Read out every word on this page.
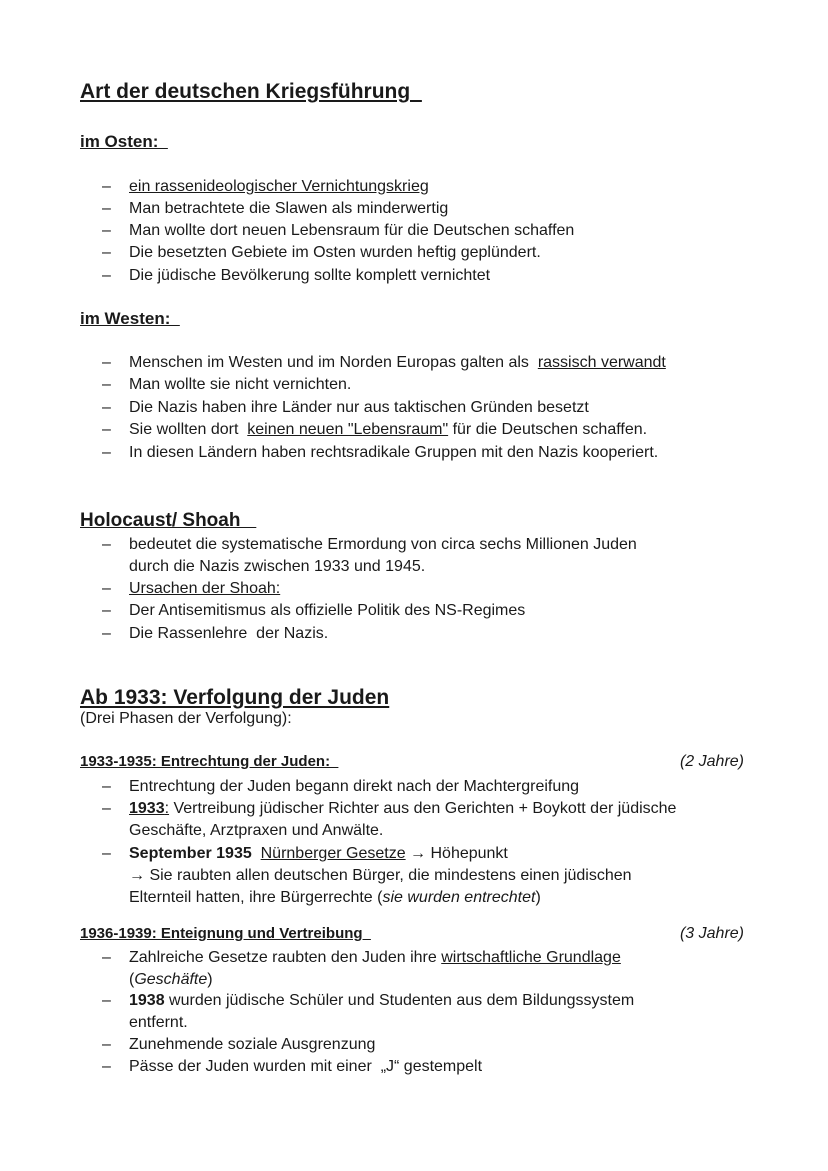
Art der deutschen Kriegsführung
im Osten:
– ein rassenideologischer Vernichtungskrieg
– Man betrachtete die Slawen als minderwertig
– Man wollte dort neuen Lebensraum für die Deutschen schaffen
– Die besetzten Gebiete im Osten wurden heftig geplündert.
– Die jüdische Bevölkerung sollte komplett vernichtet
im Westen:
– Menschen im Westen und im Norden Europas galten als  rassisch verwandt
– Man wollte sie nicht vernichten.
– Die Nazis haben ihre Länder nur aus taktischen Gründen besetzt
– Sie wollten dort  keinen neuen "Lebensraum" für die Deutschen schaffen.
– In diesen Ländern haben rechtsradikale Gruppen mit den Nazis kooperiert.
Holocaust/ Shoah
– bedeutet die systematische Ermordung von circa sechs Millionen Juden
durch die Nazis zwischen 1933 und 1945.
– Ursachen der Shoah:
– Der Antisemitismus als offizielle Politik des NS-Regimes
– Die Rassenlehre  der Nazis.
Ab 1933: Verfolgung der Juden
(Drei Phasen der Verfolgung):
1933-1935: Entrechtung der Juden:	(2 Jahre)
– Entrechtung der Juden begann direkt nach der Machtergreifung
– 1933: Vertreibung jüdischer Richter aus den Gerichten + Boykott der jüdische
Geschäfte, Arztpraxen und Anwälte.
– September 1935 Nürnberger Gesetze → Höhepunkt
→ Sie raubten allen deutschen Bürger, die mindestens einen jüdischen
Elternteil hatten, ihre Bürgerrechte (sie wurden entrechtet)
1936-1939: Enteignung und Vertreibung	(3 Jahre)
– Zahlreiche Gesetze raubten den Juden ihre wirtschaftliche Grundlage
(Geschäfte)
– 1938 wurden jüdische Schüler und Studenten aus dem Bildungssystem
entfernt.
– Zunehmende soziale Ausgrenzung
– Pässe der Juden wurden mit einer  „J“ gestempelt
